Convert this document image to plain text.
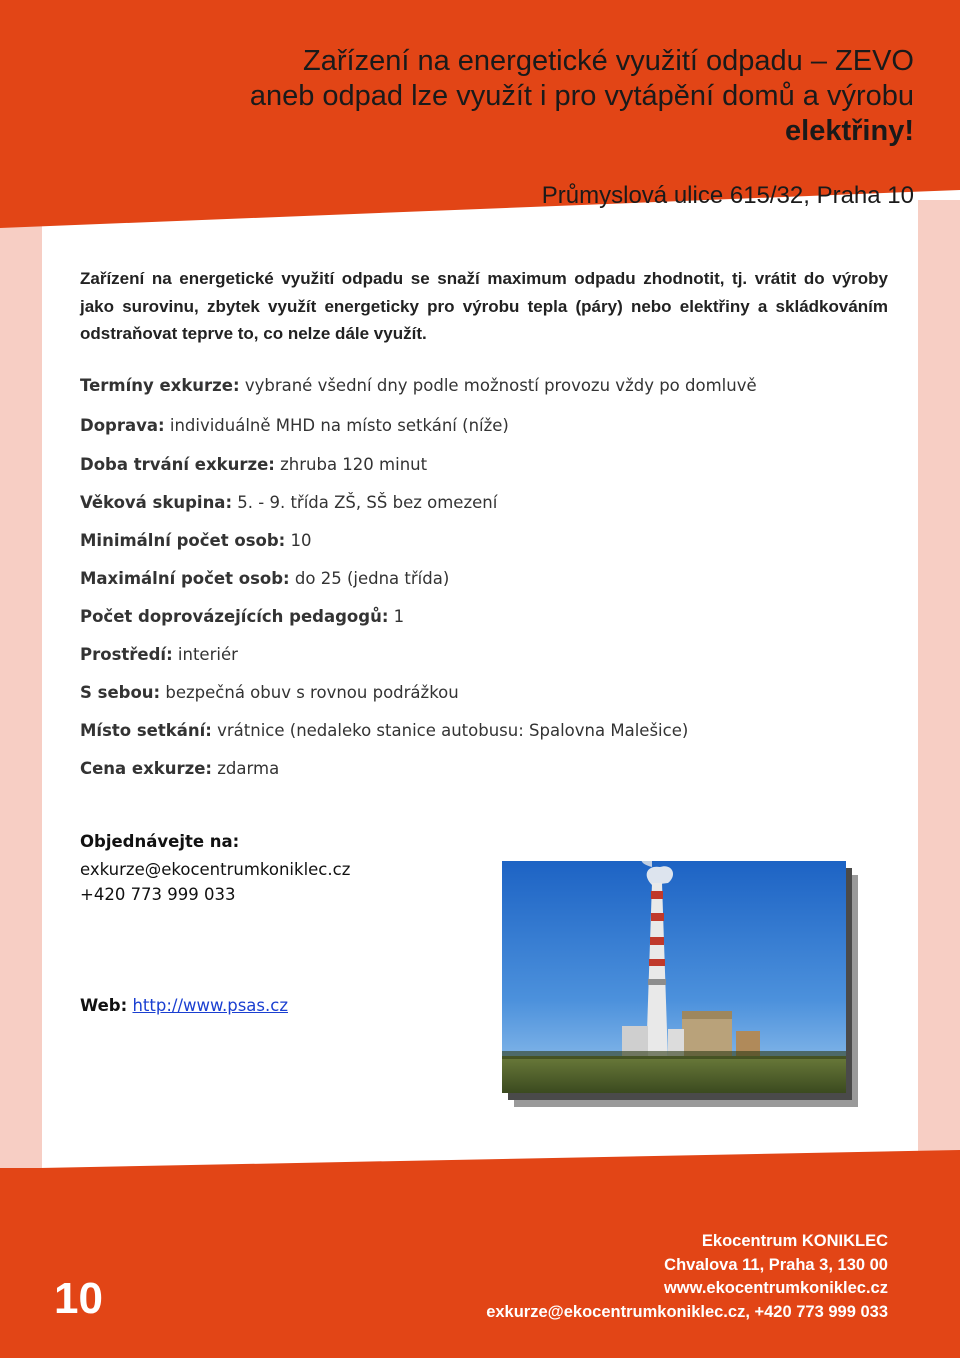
Zařízení na energetické využití odpadu – ZEVO
aneb odpad lze využít i pro vytápění domů a výrobu
elektřiny!
Průmyslová ulice 615/32, Praha 10
Zařízení na energetické využití odpadu se snaží maximum odpadu zhodnotit, tj. vrátit do výroby jako surovinu, zbytek využít energeticky pro výrobu tepla (páry) nebo elektřiny a skládkováním odstraňovat teprve to, co nelze dále využít.
Termíny exkurze: vybrané všední dny podle možností provozu vždy po domluvě
Doprava: individuálně MHD na místo setkání (níže)
Doba trvání exkurze: zhruba 120 minut
Věková skupina: 5. - 9. třída ZŠ, SŠ bez omezení
Minimální počet osob: 10
Maximální počet osob: do 25 (jedna třída)
Počet doprovázejících pedagogů: 1
Prostředí: interiér
S sebou: bezpečná obuv s rovnou podrážkou
Místo setkání: vrátnice (nedaleko stanice autobusu: Spalovna Malešice)
Cena exkurze: zdarma
Objednávejte na:
exkurze@ekocentrumkoniklec.cz
+420 773 999 033
Web: http://www.psas.cz
10
Ekocentrum KONIKLEC
Chvalova 11, Praha 3, 130 00
www.ekocentrumkoniklec.cz
exkurze@ekocentrumkoniklec.cz, +420 773 999 033
